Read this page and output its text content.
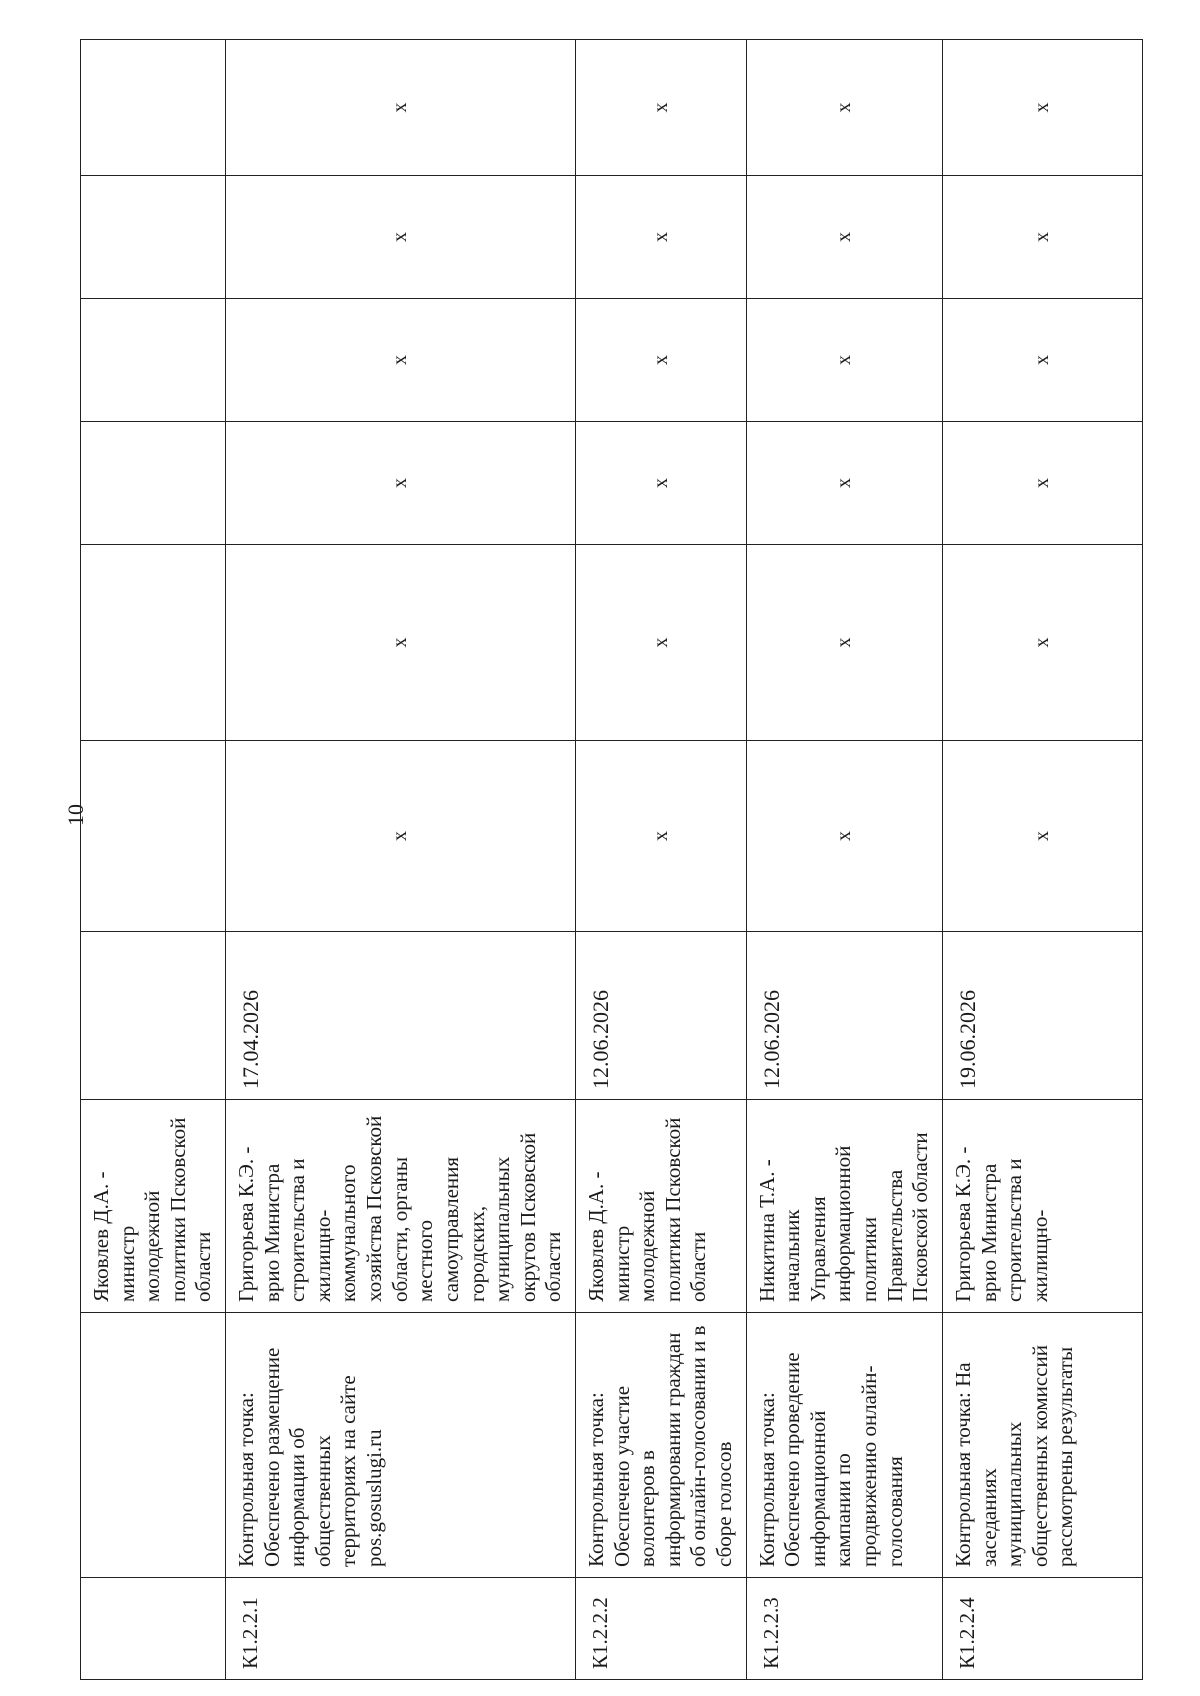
10
		Яковлев Д.А. - министр молодежной политики Псковской области							
К1.2.2.1	Контрольная точка: Обеспечено размещение информации об общественных территориях на сайте pos.gosuslugi.ru	Григорьева К.Э. - врио Министра строительства и жилищно-коммунального хозяйства Псковской области, органы местного самоуправления городских, муниципальных округов Псковской области	17.04.2026	x	x	x	x	x	x
К1.2.2.2	Контрольная точка: Обеспечено участие волонтеров в информировании граждан об онлайн-голосовании и в сборе голосов	Яковлев Д.А. - министр молодежной политики Псковской области	12.06.2026	x	x	x	x	x	x
К1.2.2.3	Контрольная точка: Обеспечено проведение информационной кампании по продвижению онлайн-голосования	Никитина Т.А. - начальник Управления информационной политики Правительства Псковской области	12.06.2026	x	x	x	x	x	x
К1.2.2.4	Контрольная точка: На заседаниях муниципальных общественных комиссий рассмотрены результаты	Григорьева К.Э. - врио Министра строительства и жилищно-	19.06.2026	x	x	x	x	x	x
